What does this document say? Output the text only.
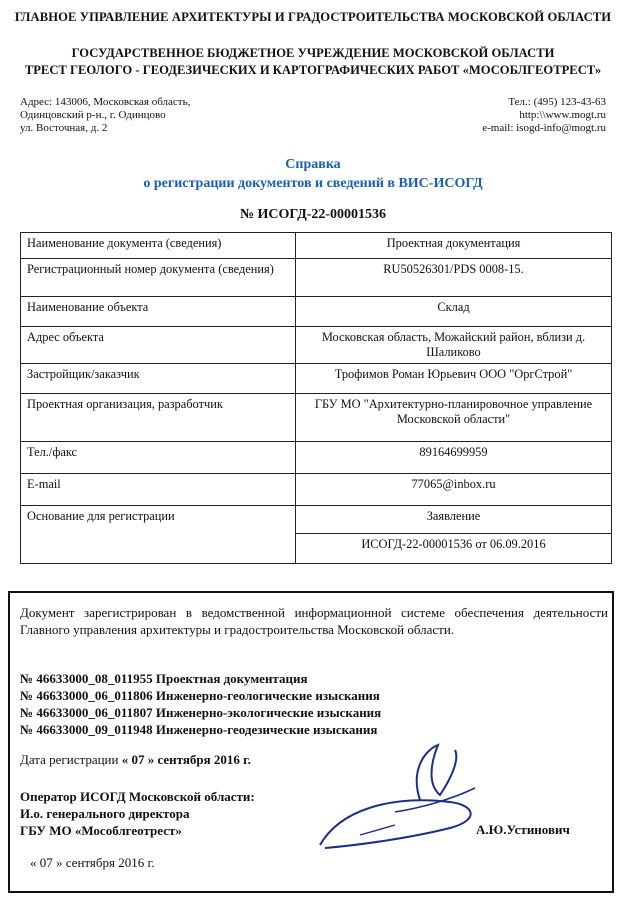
ГЛАВНОЕ УПРАВЛЕНИЕ АРХИТЕКТУРЫ И ГРАДОСТРОИТЕЛЬСТВА МОСКОВСКОЙ ОБЛАСТИ
ГОСУДАРСТВЕННОЕ БЮДЖЕТНОЕ УЧРЕЖДЕНИЕ МОСКОВСКОЙ ОБЛАСТИ
ТРЕСТ ГЕОЛОГО - ГЕОДЕЗИЧЕСКИХ И КАРТОГРАФИЧЕСКИХ РАБОТ «МОСОБЛГЕОТРЕСТ»
Адрес: 143006, Московская область,
Одинцовский р-н., г. Одинцово
ул. Восточная, д. 2
Тел.: (495) 123-43-63
http:\\www.mogt.ru
e-mail: isogd-info@mogt.ru
Справка
о регистрации документов и сведений в ВИС-ИСОГД
№ ИСОГД-22-00001536
Наименование документа (сведения)	Проектная документация
Регистрационный номер документа (сведения)	RU50526301/PDS 0008-15.
Наименование объекта	Склад
Адрес объекта	Московская область, Можайский район, вблизи д. Шаликово
Застройщик/заказчик	Трофимов Роман Юрьевич ООО "ОргСтрой"
Проектная организация, разработчик	ГБУ МО "Архитектурно-планировочное управление Московской области"
Тел./факс	89164699959
E-mail	77065@inbox.ru
Основание для регистрации	Заявление
	ИСОГД-22-00001536 от 06.09.2016
Документ зарегистрирован в ведомственной информационной системе обеспечения деятельности Главного управления архитектуры и градостроительства Московской области.
№ 46633000_08_011955 Проектная документация
№ 46633000_06_011806 Инженерно-геологические изыскания
№ 46633000_06_011807 Инженерно-экологические изыскания
№ 46633000_09_011948 Инженерно-геодезические изыскания
Дата регистрации « 07 » сентября 2016 г.
Оператор ИСОГД Московской области:
И.о. генерального директора
ГБУ МО «Мособлгеотрест»	А.Ю.Устинович
« 07 » сентября 2016 г.
